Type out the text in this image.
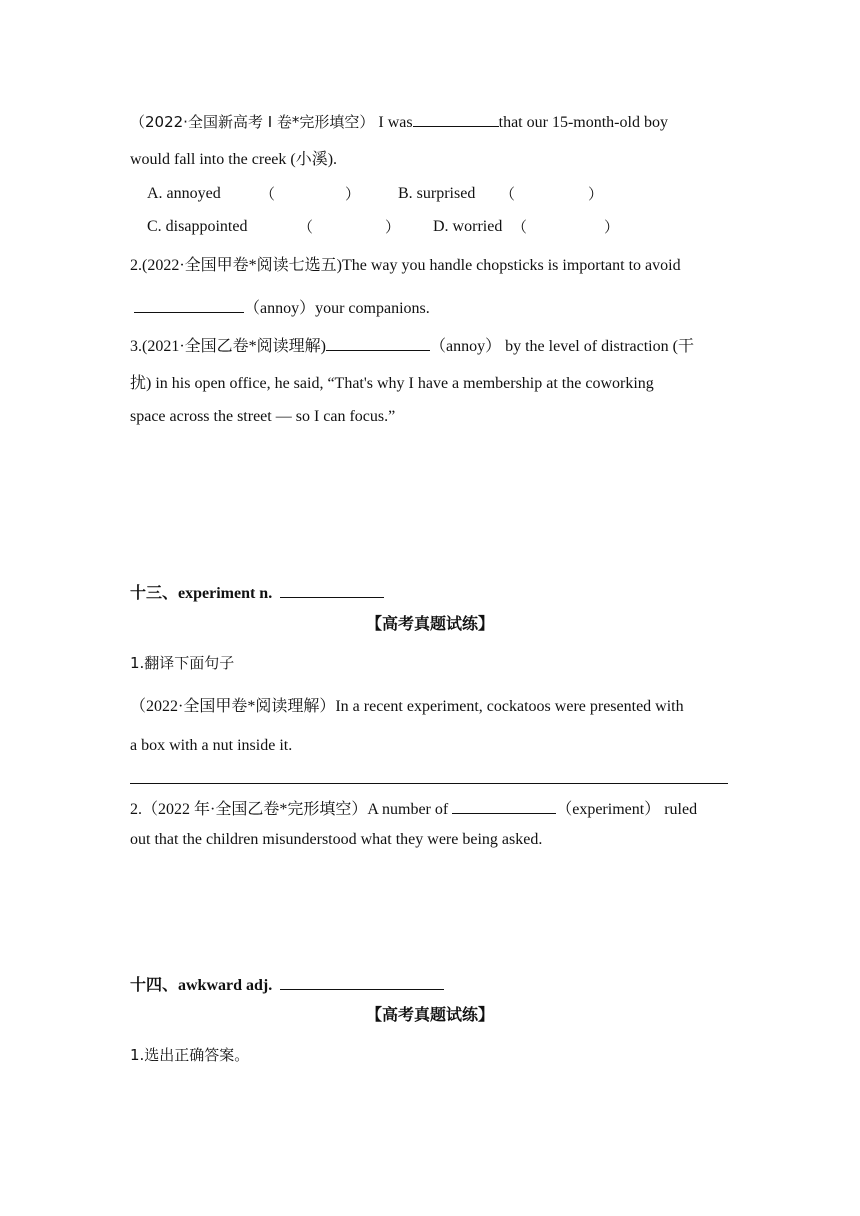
（2022·全国新高考 I 卷*完形填空） I was	that our 15-month-old boy
would fall into the creek (小溪).
A. annoyed	（	） B. surprised （	）
C. disappointed	（	） D. worried （	）
2.(2022·全国甲卷*阅读七选五)The way you handle chopsticks is important to avoid
（annoy）your companions.
3.(2021·全国乙卷*阅读理解)	（annoy） by the level of distraction (干
扰) in his open office, he said, “That's why I have a membership at the coworking
space across the street — so I can focus.”
十三、experiment n.
【高考真题试练】
1.翻译下面句子
（2022·全国甲卷*阅读理解）In a recent experiment, cockatoos were presented with
a box with a nut inside it.
2.（2022 年·全国乙卷*完形填空）A number of	（experiment） ruled
out that the children misunderstood what they were being asked.
十四、awkward adj.
【高考真题试练】
1.选出正确答案。
